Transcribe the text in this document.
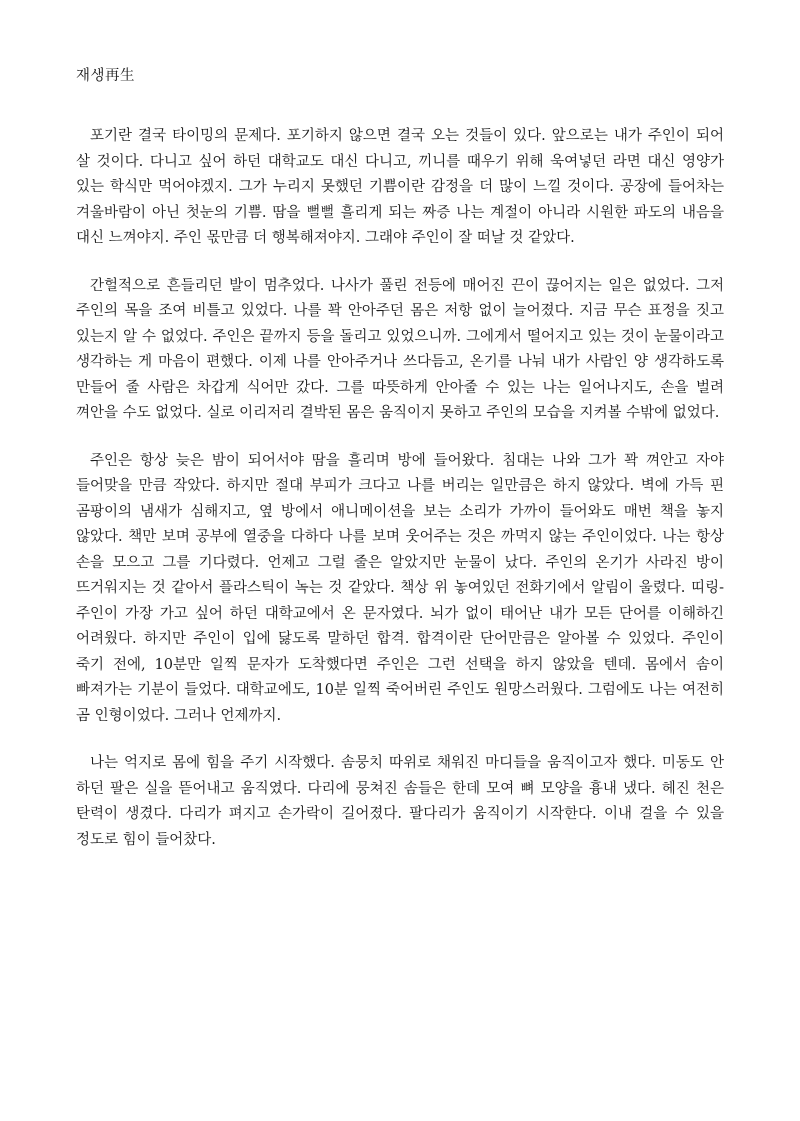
재생再生

포기란 결국 타이밍의 문제다. 포기하지 않으면 결국 오는 것들이 있다. 앞으로는 내가 주인이 되어 살 것이다. 다니고 싶어 하던 대학교도 대신 다니고, 끼니를 때우기 위해 욱여넣던 라면 대신 영양가 있는 학식만 먹어야겠지. 그가 누리지 못했던 기쁨이란 감정을 더 많이 느낄 것이다. 공장에 들어차는 겨울바람이 아닌 첫눈의 기쁨. 땀을 뻘뻘 흘리게 되는 짜증 나는 계절이 아니라 시원한 파도의 내음을 대신 느껴야지. 주인 몫만큼 더 행복해져야지. 그래야 주인이 잘 떠날 것 같았다.

간헐적으로 흔들리던 발이 멈추었다. 나사가 풀린 전등에 매어진 끈이 끊어지는 일은 없었다. 그저 주인의 목을 조여 비틀고 있었다. 나를 꽉 안아주던 몸은 저항 없이 늘어졌다. 지금 무슨 표정을 짓고 있는지 알 수 없었다. 주인은 끝까지 등을 돌리고 있었으니까. 그에게서 떨어지고 있는 것이 눈물이라고 생각하는 게 마음이 편했다. 이제 나를 안아주거나 쓰다듬고, 온기를 나눠 내가 사람인 양 생각하도록 만들어 줄 사람은 차갑게 식어만 갔다. 그를 따뜻하게 안아줄 수 있는 나는 일어나지도, 손을 벌려 껴안을 수도 없었다. 실로 이리저리 결박된 몸은 움직이지 못하고 주인의 모습을 지켜볼 수밖에 없었다.

주인은 항상 늦은 밤이 되어서야 땀을 흘리며 방에 들어왔다. 침대는 나와 그가 꽉 껴안고 자야 들어맞을 만큼 작았다. 하지만 절대 부피가 크다고 나를 버리는 일만큼은 하지 않았다. 벽에 가득 핀 곰팡이의 냄새가 심해지고, 옆 방에서 애니메이션을 보는 소리가 가까이 들어와도 매번 책을 놓지 않았다. 책만 보며 공부에 열중을 다하다 나를 보며 웃어주는 것은 까먹지 않는 주인이었다. 나는 항상 손을 모으고 그를 기다렸다. 언제고 그럴 줄은 알았지만 눈물이 났다. 주인의 온기가 사라진 방이 뜨거워지는 것 같아서 플라스틱이 녹는 것 같았다. 책상 위 놓여있던 전화기에서 알림이 울렸다. 띠링- 주인이 가장 가고 싶어 하던 대학교에서 온 문자였다. 뇌가 없이 태어난 내가 모든 단어를 이해하긴 어려웠다. 하지만 주인이 입에 닳도록 말하던 합격. 합격이란 단어만큼은 알아볼 수 있었다. 주인이 죽기 전에, 10분만 일찍 문자가 도착했다면 주인은 그런 선택을 하지 않았을 텐데. 몸에서 솜이 빠져가는 기분이 들었다. 대학교에도, 10분 일찍 죽어버린 주인도 원망스러웠다. 그럼에도 나는 여전히 곰 인형이었다. 그러나 언제까지.

나는 억지로 몸에 힘을 주기 시작했다. 솜뭉치 따위로 채워진 마디들을 움직이고자 했다. 미동도 안 하던 팔은 실을 뜯어내고 움직였다. 다리에 뭉쳐진 솜들은 한데 모여 뼈 모양을 흉내 냈다. 헤진 천은 탄력이 생겼다. 다리가 펴지고 손가락이 길어졌다. 팔다리가 움직이기 시작한다. 이내 걸을 수 있을 정도로 힘이 들어찼다.
